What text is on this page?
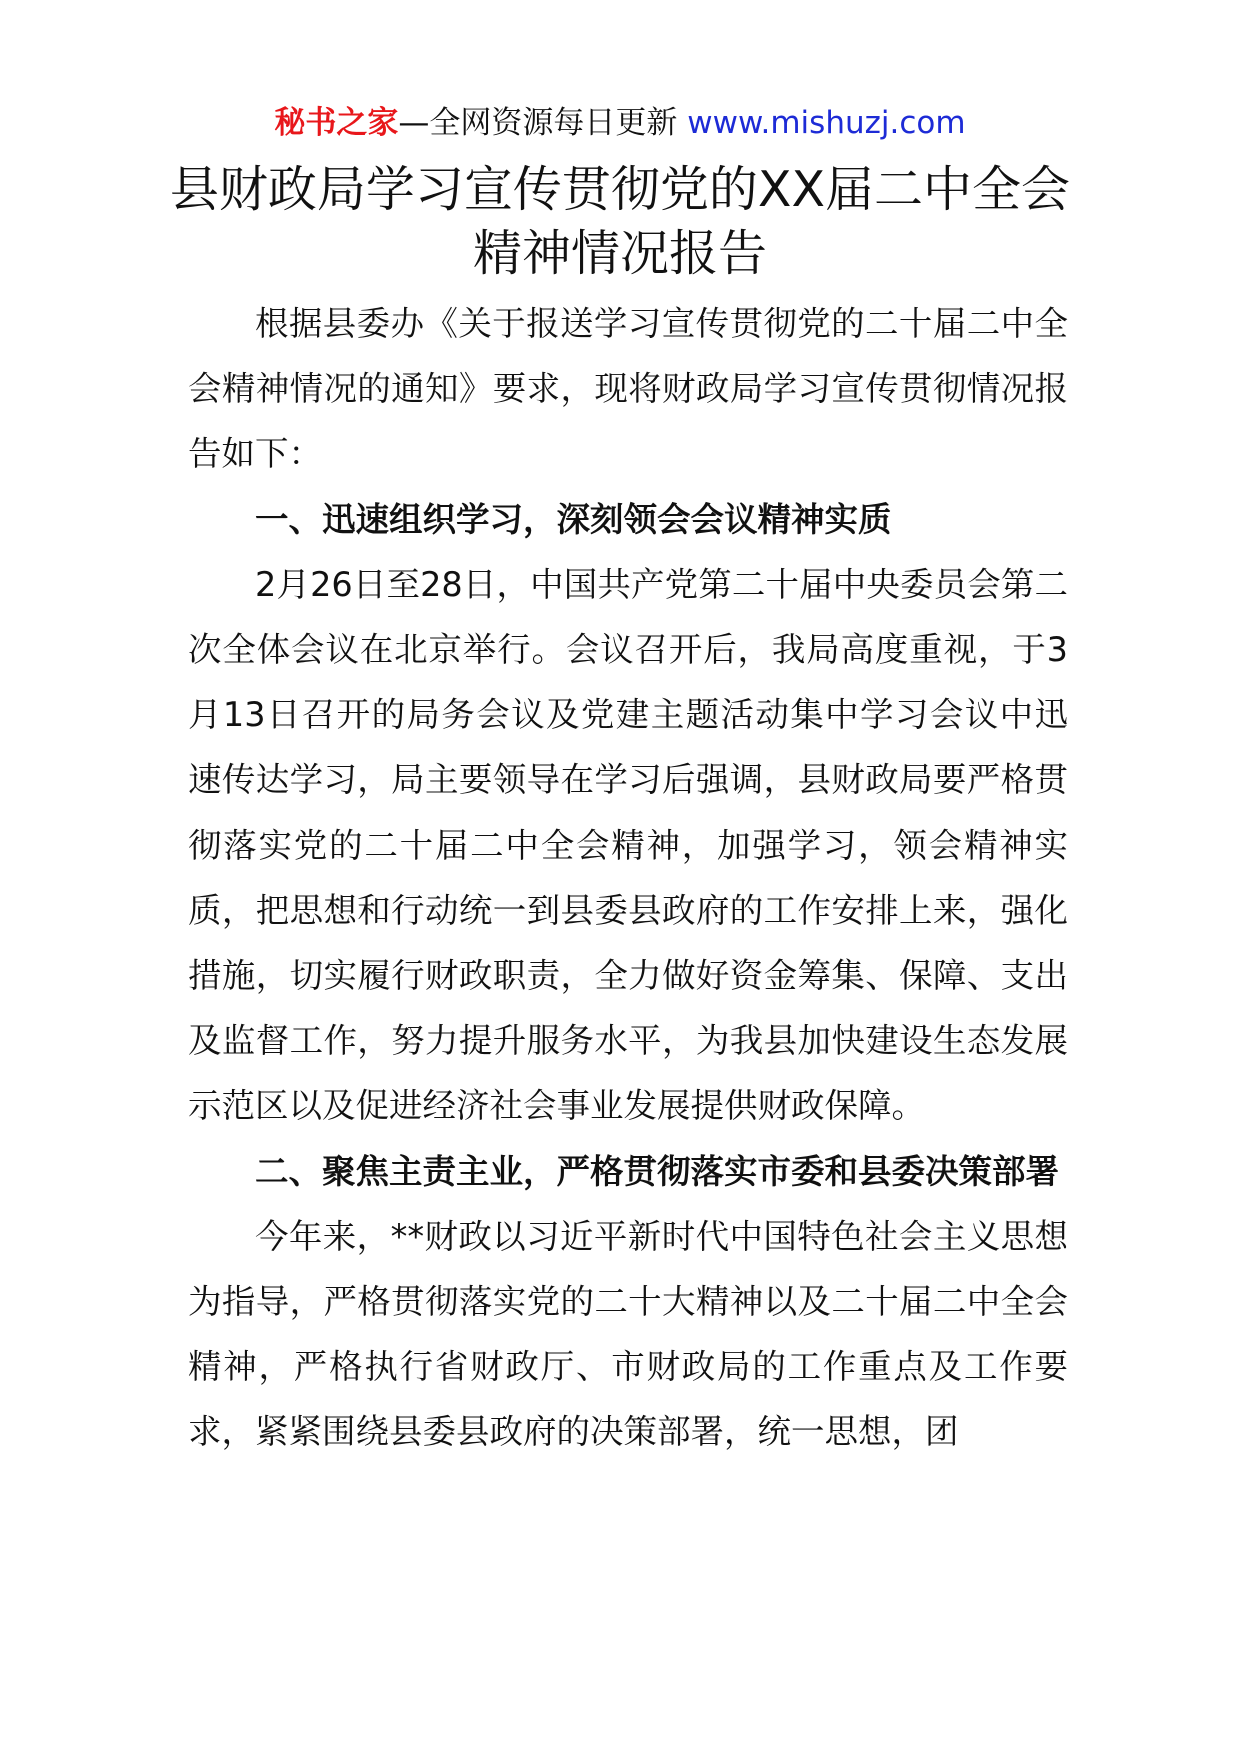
秘书之家—全网资源每日更新 www.mishuzj.com
县财政局学习宣传贯彻党的XX届二中全会
精神情况报告

根据县委办《关于报送学习宣传贯彻党的二十届二中全会精神情况的通知》要求，现将财政局学习宣传贯彻情况报告如下：

一、迅速组织学习，深刻领会会议精神实质

2月26日至28日，中国共产党第二十届中央委员会第二次全体会议在北京举行。会议召开后，我局高度重视，于3月13日召开的局务会议及党建主题活动集中学习会议中迅速传达学习，局主要领导在学习后强调，县财政局要严格贯彻落实党的二十届二中全会精神，加强学习，领会精神实质，把思想和行动统一到县委县政府的工作安排上来，强化措施，切实履行财政职责，全力做好资金筹集、保障、支出及监督工作，努力提升服务水平，为我县加快建设生态发展示范区以及促进经济社会事业发展提供财政保障。

二、聚焦主责主业，严格贯彻落实市委和县委决策部署

今年来，**财政以习近平新时代中国特色社会主义思想为指导，严格贯彻落实党的二十大精神以及二十届二中全会精神，严格执行省财政厅、市财政局的工作重点及工作要求，紧紧围绕县委县政府的决策部署，统一思想，团
